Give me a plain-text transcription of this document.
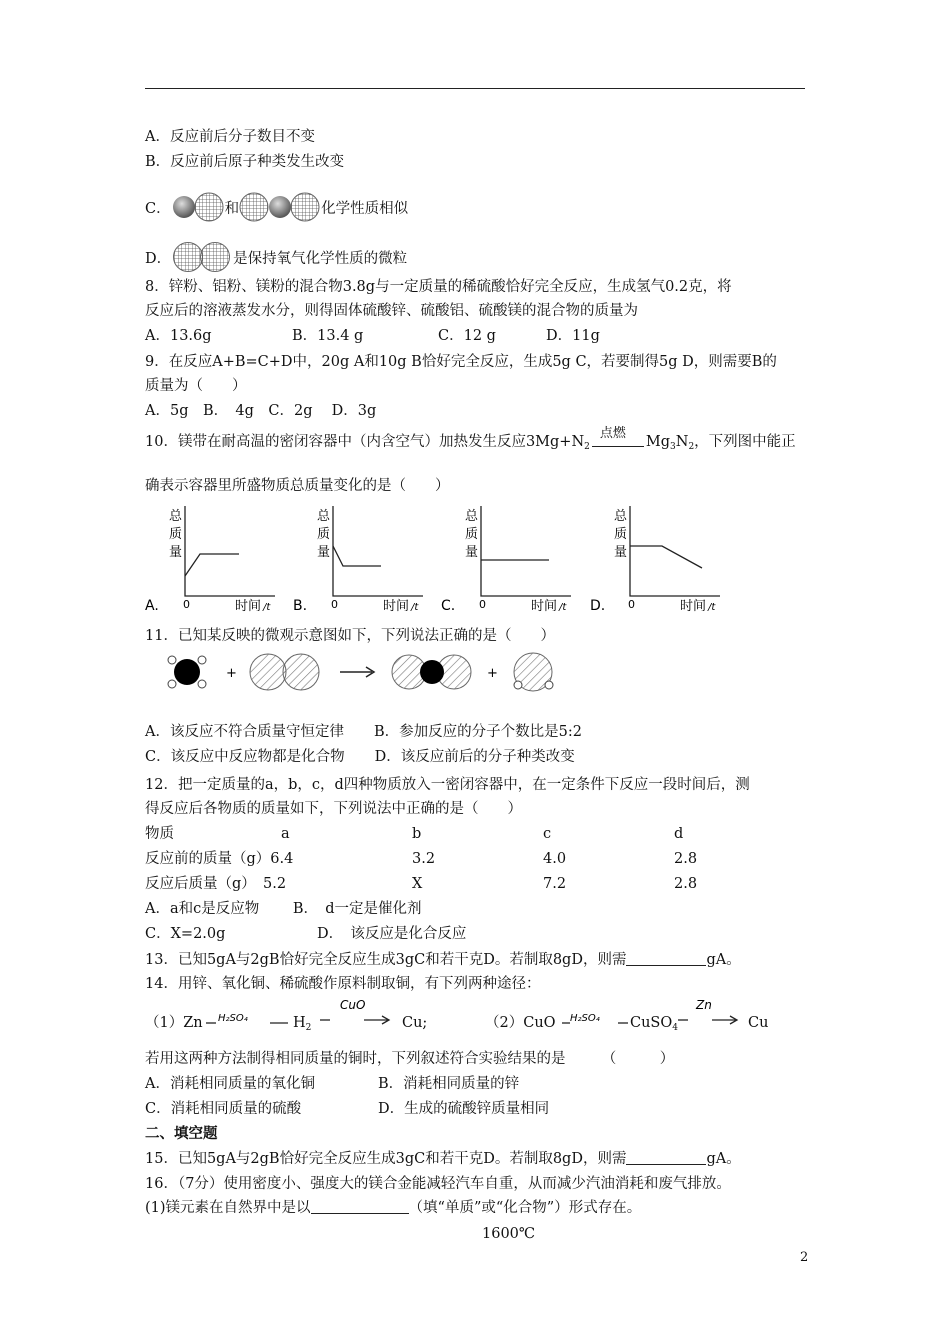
A．反应前后分子数目不变
B．反应前后原子种类发生改变
C．	和	化学性质相似
D．	是保持氧气化学性质的微粒
8．锌粉、铝粉、镁粉的混合物3.8g与一定质量的稀硫酸恰好完全反应，生成氢气0.2克，将
反应后的溶液蒸发水分，则得固体硫酸锌、硫酸铝、硫酸镁的混合物的质量为
A．13.6g	B．13.4 g	C．12 g	D．11g
9．在反应A+B=C+D中，20g A和10g B恰好完全反应，生成5g C，若要制得5g D，则需要B的
质量为（　　）
A．5g　B．　4g　C．2g　 D．3g
10．镁带在耐高温的密闭容器中（内含空气）加热发生反应$3Mg+N_2$
点燃
$Mg_3N_2$，下列图中能正
确表示容器里所盛物质总质量变化的是（　　）
A.
总
质
量
0	时间 /t B.
总
质
量
0	时间 /t C.
总
质
量
0	时间 /t D.
总
质
量
0	时间 /t
11．已知某反映的微观示意图如下，下列说法正确的是（　　）
+	+
A．该反应不符合质量守恒定律 B．参加反应的分子个数比是5:2
C．该反应中反应物都是化合物 D．该反应前后的分子种类改变
12．把一定质量的a，b，c，d四种物质放入一密闭容器中，在一定条件下反应一段时间后，测
得反应后各物质的质量如下，下列说法中正确的是（　　）
物质	a	b	c	d
反应前的质量（g）6.4	3.2	4.0	2.8
反应后质量（g）　5.2	X	7.2	2.8
A．a和c是反应物　　 B．　d一定是催化剂
C．X=2.0g　　　　　　 D．　该反应是化合反应
13．已知5gA与2gB恰好完全反应生成3gC和若干克D。若制取8gD，则需	gA。
14．用锌、氧化铜、稀硫酸作原料制取铜，有下列两种途径：
（1）Zn H₂SO₄	$H_2$
CuO
Cu;	（2）CuO H₂SO₄ CuSO$_4$
Zn
Cu
若用这两种方法制得相同质量的铜时，下列叙述符合实验结果的是　　　（　　　）
A．消耗相同质量的氧化铜	B．消耗相同质量的锌
C．消耗相同质量的硫酸	D．生成的硫酸锌质量相同
二、填空题
15．已知5gA与2gB恰好完全反应生成3gC和若干克D。若制取8gD，则需	gA。
16．（7分）使用密度小、强度大的镁合金能减轻汽车自重，从而减少汽油消耗和废气排放。
(1)镁元素在自然界中是以	（填“单质”或“化合物”）形式存在。
1600℃
2
